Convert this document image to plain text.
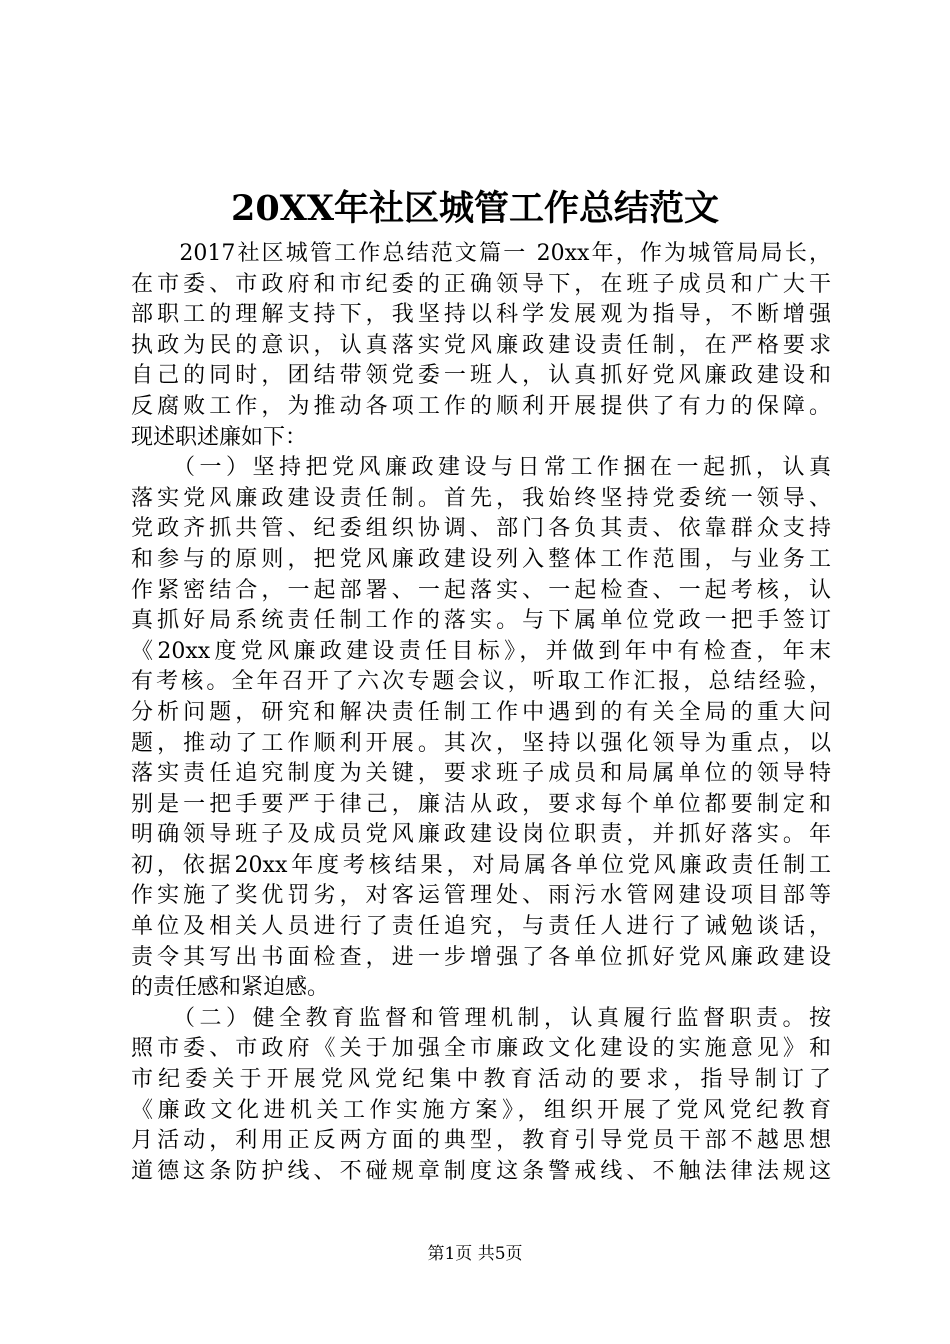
20XX年社区城管工作总结范文
　　2017社区城管工作总结范文篇一 20xx年，作为城管局局长，
在市委、市政府和市纪委的正确领导下，在班子成员和广大干
部职工的理解支持下，我坚持以科学发展观为指导，不断增强
执政为民的意识，认真落实党风廉政建设责任制，在严格要求
自己的同时，团结带领党委一班人，认真抓好党风廉政建设和
反腐败工作，为推动各项工作的顺利开展提供了有力的保障。
现述职述廉如下：
　　（一）坚持把党风廉政建设与日常工作捆在一起抓，认真
落实党风廉政建设责任制。首先，我始终坚持党委统一领导、
党政齐抓共管、纪委组织协调、部门各负其责、依靠群众支持
和参与的原则，把党风廉政建设列入整体工作范围，与业务工
作紧密结合，一起部署、一起落实、一起检查、一起考核，认
真抓好局系统责任制工作的落实。与下属单位党政一把手签订
《20xx度党风廉政建设责任目标》，并做到年中有检查，年末
有考核。全年召开了六次专题会议，听取工作汇报，总结经验，
分析问题，研究和解决责任制工作中遇到的有关全局的重大问
题，推动了工作顺利开展。其次，坚持以强化领导为重点，以
落实责任追究制度为关键，要求班子成员和局属单位的领导特
别是一把手要严于律己，廉洁从政，要求每个单位都要制定和
明确领导班子及成员党风廉政建设岗位职责，并抓好落实。年
初，依据20xx年度考核结果，对局属各单位党风廉政责任制工
作实施了奖优罚劣，对客运管理处、雨污水管网建设项目部等
单位及相关人员进行了责任追究，与责任人进行了诫勉谈话，
责令其写出书面检查，进一步增强了各单位抓好党风廉政建设
的责任感和紧迫感。
　　（二）健全教育监督和管理机制，认真履行监督职责。按
照市委、市政府《关于加强全市廉政文化建设的实施意见》和
市纪委关于开展党风党纪集中教育活动的要求，指导制订了
《廉政文化进机关工作实施方案》，组织开展了党风党纪教育
月活动，利用正反两方面的典型，教育引导党员干部不越思想
道德这条防护线、不碰规章制度这条警戒线、不触法律法规这
第1页 共5页
